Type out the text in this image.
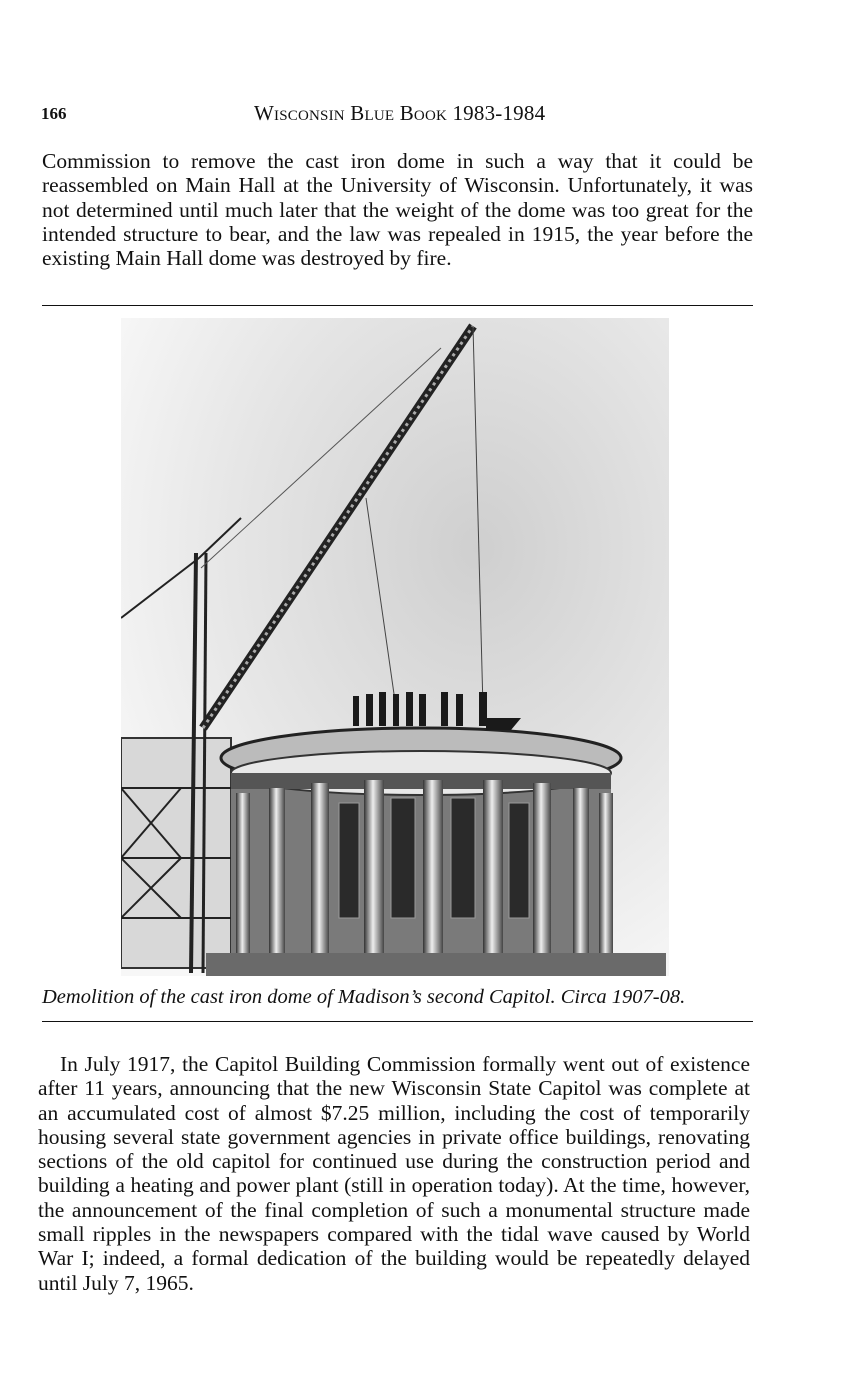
166	Wisconsin Blue Book 1983-1984
Commission to remove the cast iron dome in such a way that it could be reassembled on Main Hall at the University of Wisconsin. Unfortunately, it was not determined until much later that the weight of the dome was too great for the intended structure to bear, and the law was repealed in 1915, the year before the existing Main Hall dome was destroyed by fire.
Demolition of the cast iron dome of Madison’s second Capitol. Circa 1907-08.
In July 1917, the Capitol Building Commission formally went out of existence after 11 years, announcing that the new Wisconsin State Capitol was complete at an accumulated cost of almost $7.25 million, including the cost of temporarily housing several state government agencies in private office buildings, renovating sections of the old capitol for continued use during the construction period and building a heating and power plant (still in operation today). At the time, however, the announcement of the final completion of such a monumental structure made small ripples in the newspapers compared with the tidal wave caused by World War I; indeed, a formal dedication of the building would be repeatedly delayed until July 7, 1965.
